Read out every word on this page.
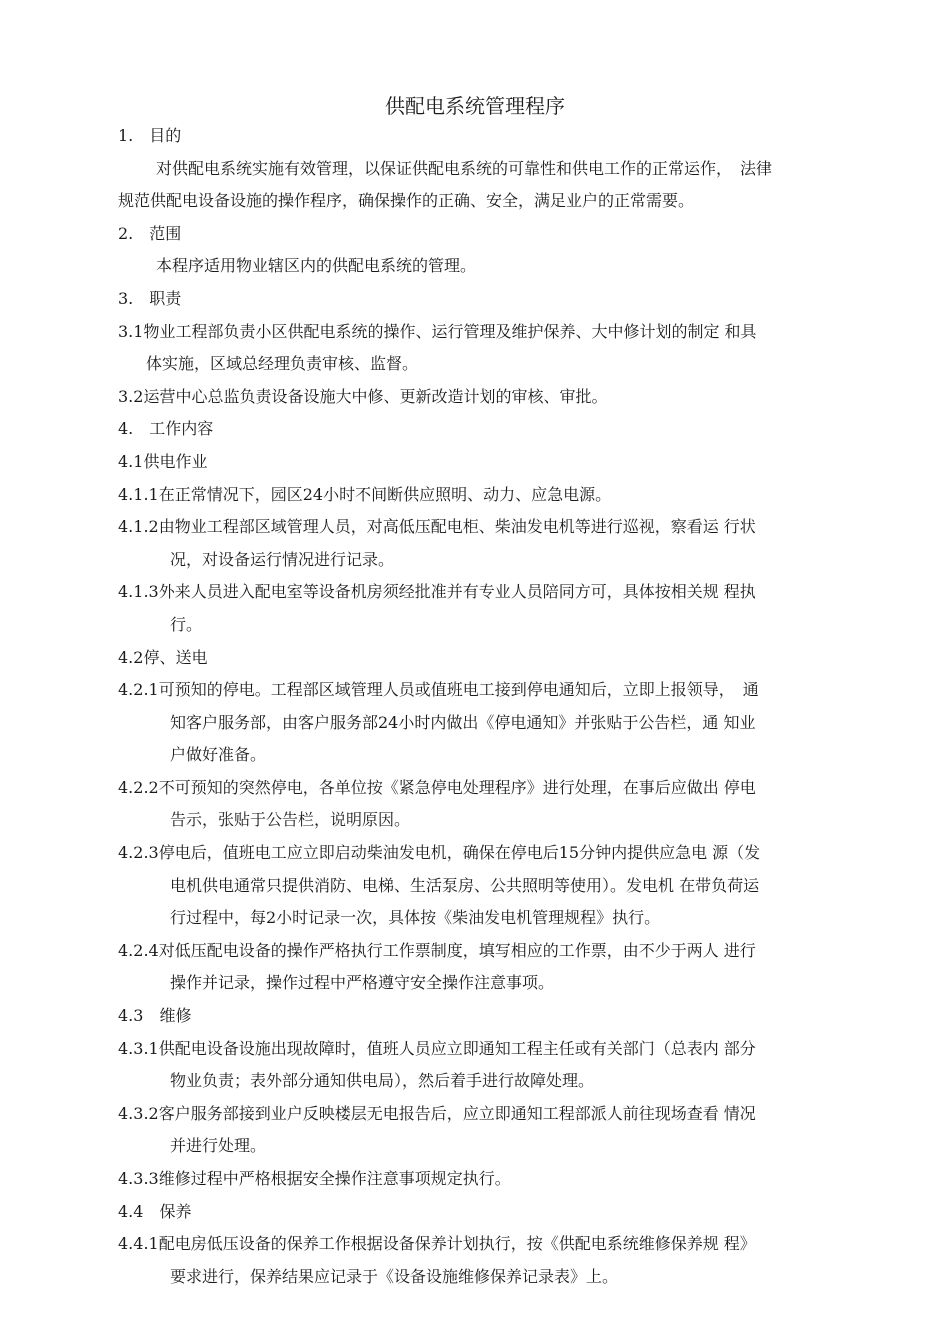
供配电系统管理程序
1.　目的
对供配电系统实施有效管理，以保证供配电系统的可靠性和供电工作的正常运作，　法律
规范供配电设备设施的操作程序，确保操作的正确、安全，满足业户的正常需要。
2.　范围
本程序适用物业辖区内的供配电系统的管理。
3.　职责
3.1物业工程部负责小区供配电系统的操作、运行管理及维护保养、大中修计划的制定 和具
体实施，区域总经理负责审核、监督。
3.2运营中心总监负责设备设施大中修、更新改造计划的审核、审批。
4.　工作内容
4.1供电作业
4.1.1在正常情况下，园区24小时不间断供应照明、动力、应急电源。
4.1.2由物业工程部区域管理人员，对高低压配电柜、柴油发电机等进行巡视，察看运 行状
况，对设备运行情况进行记录。
4.1.3外来人员进入配电室等设备机房须经批准并有专业人员陪同方可，具体按相关规 程执
行。
4.2停、送电
4.2.1可预知的停电。工程部区域管理人员或值班电工接到停电通知后，立即上报领导，　通
知客户服务部，由客户服务部24小时内做出《停电通知》并张贴于公告栏，通 知业
户做好准备。
4.2.2不可预知的突然停电，各单位按《紧急停电处理程序》进行处理，在事后应做出 停电
告示，张贴于公告栏，说明原因。
4.2.3停电后，值班电工应立即启动柴油发电机，确保在停电后15分钟内提供应急电 源（发
电机供电通常只提供消防、电梯、生活泵房、公共照明等使用）。发电机 在带负荷运
行过程中，每2小时记录一次，具体按《柴油发电机管理规程》执行。
4.2.4对低压配电设备的操作严格执行工作票制度，填写相应的工作票，由不少于两人 进行
操作并记录，操作过程中严格遵守安全操作注意事项。
4.3　维修
4.3.1供配电设备设施出现故障时，值班人员应立即通知工程主任或有关部门（总表内 部分
物业负责；表外部分通知供电局），然后着手进行故障处理。
4.3.2客户服务部接到业户反映楼层无电报告后，应立即通知工程部派人前往现场查看 情况
并进行处理。
4.3.3维修过程中严格根据安全操作注意事项规定执行。
4.4　保养
4.4.1配电房低压设备的保养工作根据设备保养计划执行，按《供配电系统维修保养规 程》
要求进行，保养结果应记录于《设备设施维修保养记录表》上。
